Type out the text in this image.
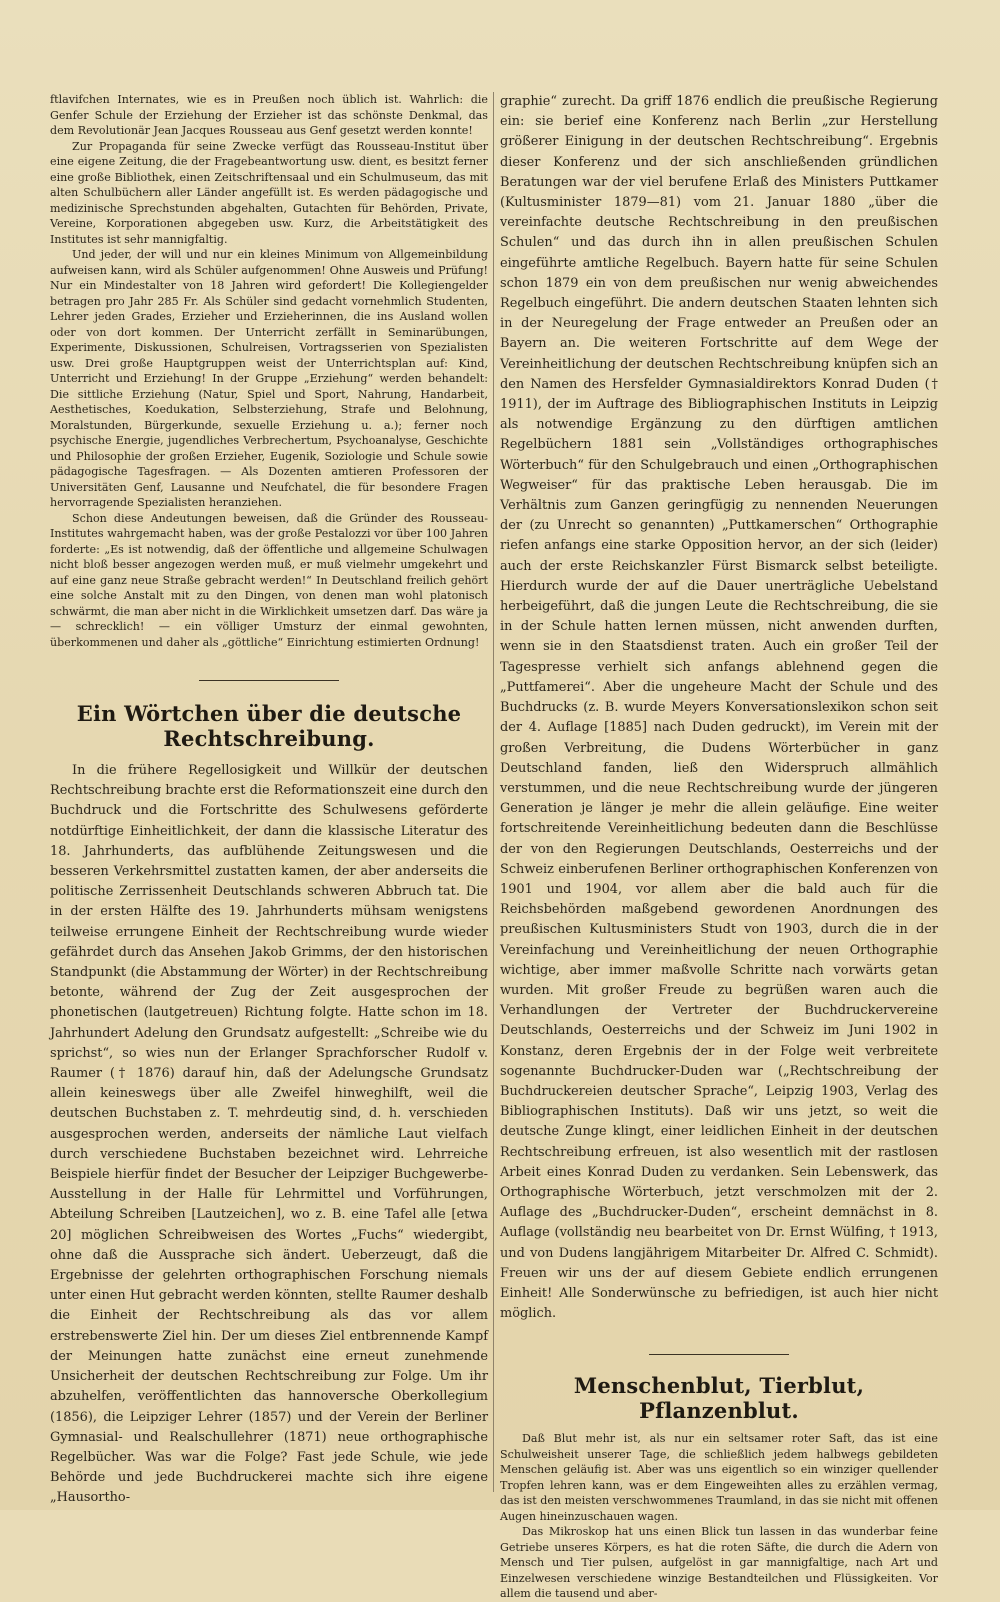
ftlavifchen Internates, wie es in Preußen noch üblich ist. Wahrlich: die Genfer Schule der Erziehung der Erzieher ist das schönste Denkmal, das dem Revolutionär Jean Jacques Rousseau aus Genf gesetzt werden konnte!

Zur Propaganda für seine Zwecke verfügt das Rousseau-Institut über eine eigene Zeitung, die der Fragebeantwortung usw. dient, es besitzt ferner eine große Bibliothek, einen Zeitschriftensaal und ein Schulmuseum, das mit alten Schulbüchern aller Länder angefüllt ist. Es werden pädagogische und medizinische Sprechstunden abgehalten, Gutachten für Behörden, Private, Vereine, Korporationen abgegeben usw. Kurz, die Arbeitstätigkeit des Institutes ist sehr mannigfaltig.

Und jeder, der will und nur ein kleines Minimum von Allgemeinbildung aufweisen kann, wird als Schüler aufgenommen! Ohne Ausweis und Prüfung! Nur ein Mindestalter von 18 Jahren wird gefordert! Die Kollegiengelder betragen pro Jahr 285 Fr. Als Schüler sind gedacht vornehmlich Studenten, Lehrer jeden Grades, Erzieher und Erzieherinnen, die ins Ausland wollen oder von dort kommen. Der Unterricht zerfällt in Seminarübungen, Experimente, Diskussionen, Schulreisen, Vortragsserien von Spezialisten usw. Drei große Hauptgruppen weist der Unterrichtsplan auf: Kind, Unterricht und Erziehung! In der Gruppe „Erziehung“ werden behandelt: Die sittliche Erziehung (Natur, Spiel und Sport, Nahrung, Handarbeit, Aesthetisches, Koedukation, Selbsterziehung, Strafe und Belohnung, Moralstunden, Bürgerkunde, sexuelle Erziehung u. a.); ferner noch psychische Energie, jugendliches Verbrechertum, Psychoanalyse, Geschichte und Philosophie der großen Erzieher, Eugenik, Soziologie und Schule sowie pädagogische Tagesfragen. — Als Dozenten amtieren Professoren der Universitäten Genf, Lausanne und Neufchatel, die für besondere Fragen hervorragende Spezialisten heranziehen.

Schon diese Andeutungen beweisen, daß die Gründer des Rousseau-Institutes wahrgemacht haben, was der große Pestalozzi vor über 100 Jahren forderte: „Es ist notwendig, daß der öffentliche und allgemeine Schulwagen nicht bloß besser angezogen werden muß, er muß vielmehr umgekehrt und auf eine ganz neue Straße gebracht werden!“ In Deutschland freilich gehört eine solche Anstalt mit zu den Dingen, von denen man wohl platonisch schwärmt, die man aber nicht in die Wirklichkeit umsetzen darf. Das wäre ja — schrecklich! — ein völliger Umsturz der einmal gewohnten, überkommenen und daher als „göttliche“ Einrichtung estimierten Ordnung!

Ein Wörtchen über die deutsche Rechtschreibung.

In die frühere Regellosigkeit und Willkür der deutschen Rechtschreibung brachte erst die Reformationszeit eine durch den Buchdruck und die Fortschritte des Schulwesens geförderte notdürftige Einheitlichkeit, der dann die klassische Literatur des 18. Jahrhunderts, das aufblühende Zeitungswesen und die besseren Verkehrsmittel zustatten kamen, der aber anderseits die politische Zerrissenheit Deutschlands schweren Abbruch tat. Die in der ersten Hälfte des 19. Jahrhunderts mühsam wenigstens teilweise errungene Einheit der Rechtschreibung wurde wieder gefährdet durch das Ansehen Jakob Grimms, der den historischen Standpunkt (die Abstammung der Wörter) in der Rechtschreibung betonte, während der Zug der Zeit ausgesprochen der phonetischen (lautgetreuen) Richtung folgte. Hatte schon im 18. Jahrhundert Adelung den Grundsatz aufgestellt: „Schreibe wie du sprichst“, so wies nun der Erlanger Sprachforscher Rudolf v. Raumer († 1876) darauf hin, daß der Adelungsche Grundsatz allein keineswegs über alle Zweifel hinweghilft, weil die deutschen Buchstaben z. T. mehrdeutig sind, d. h. verschieden ausgesprochen werden, anderseits der nämliche Laut vielfach durch verschiedene Buchstaben bezeichnet wird. Lehrreiche Beispiele hierfür findet der Besucher der Leipziger Buchgewerbe-Ausstellung in der Halle für Lehrmittel und Vorführungen, Abteilung Schreiben [Lautzeichen], wo z. B. eine Tafel alle [etwa 20] möglichen Schreibweisen des Wortes „Fuchs“ wiedergibt, ohne daß die Aussprache sich ändert. Ueberzeugt, daß die Ergebnisse der gelehrten orthographischen Forschung niemals unter einen Hut gebracht werden könnten, stellte Raumer deshalb die Einheit der Rechtschreibung als das vor allem erstrebenswerte Ziel hin. Der um dieses Ziel entbrennende Kampf der Meinungen hatte zunächst eine erneut zunehmende Unsicherheit der deutschen Rechtschreibung zur Folge. Um ihr abzuhelfen, veröffentlichten das hannoversche Oberkollegium (1856), die Leipziger Lehrer (1857) und der Verein der Berliner Gymnasial- und Realschullehrer (1871) neue orthographische Regelbücher. Was war die Folge? Fast jede Schule, wie jede Behörde und jede Buchdruckerei machte sich ihre eigene „Hausortho-

graphie“ zurecht. Da griff 1876 endlich die preußische Regierung ein: sie berief eine Konferenz nach Berlin „zur Herstellung größerer Einigung in der deutschen Rechtschreibung“. Ergebnis dieser Konferenz und der sich anschließenden gründlichen Beratungen war der viel berufene Erlaß des Ministers Puttkamer (Kultusminister 1879—81) vom 21. Januar 1880 „über die vereinfachte deutsche Rechtschreibung in den preußischen Schulen“ und das durch ihn in allen preußischen Schulen eingeführte amtliche Regelbuch. Bayern hatte für seine Schulen schon 1879 ein von dem preußischen nur wenig abweichendes Regelbuch eingeführt. Die andern deutschen Staaten lehnten sich in der Neuregelung der Frage entweder an Preußen oder an Bayern an. Die weiteren Fortschritte auf dem Wege der Vereinheitlichung der deutschen Rechtschreibung knüpfen sich an den Namen des Hersfelder Gymnasialdirektors Konrad Duden († 1911), der im Auftrage des Bibliographischen Instituts in Leipzig als notwendige Ergänzung zu den dürftigen amtlichen Regelbüchern 1881 sein „Vollständiges orthographisches Wörterbuch“ für den Schulgebrauch und einen „Orthographischen Wegweiser“ für das praktische Leben herausgab. Die im Verhältnis zum Ganzen geringfügig zu nennenden Neuerungen der (zu Unrecht so genannten) „Puttkamerschen“ Orthographie riefen anfangs eine starke Opposition hervor, an der sich (leider) auch der erste Reichskanzler Fürst Bismarck selbst beteiligte. Hierdurch wurde der auf die Dauer unerträgliche Uebelstand herbeigeführt, daß die jungen Leute die Rechtschreibung, die sie in der Schule hatten lernen müssen, nicht anwenden durften, wenn sie in den Staatsdienst traten. Auch ein großer Teil der Tagespresse verhielt sich anfangs ablehnend gegen die „Puttfamerei“. Aber die ungeheure Macht der Schule und des Buchdrucks (z. B. wurde Meyers Konversationslexikon schon seit der 4. Auflage [1885] nach Duden gedruckt), im Verein mit der großen Verbreitung, die Dudens Wörterbücher in ganz Deutschland fanden, ließ den Widerspruch allmählich verstummen, und die neue Rechtschreibung wurde der jüngeren Generation je länger je mehr die allein geläufige. Eine weiter fortschreitende Vereinheitlichung bedeuten dann die Beschlüsse der von den Regierungen Deutschlands, Oesterreichs und der Schweiz einberufenen Berliner orthographischen Konferenzen von 1901 und 1904, vor allem aber die bald auch für die Reichsbehörden maßgebend gewordenen Anordnungen des preußischen Kultusministers Studt von 1903, durch die in der Vereinfachung und Vereinheitlichung der neuen Orthographie wichtige, aber immer maßvolle Schritte nach vorwärts getan wurden. Mit großer Freude zu begrüßen waren auch die Verhandlungen der Vertreter der Buchdruckervereine Deutschlands, Oesterreichs und der Schweiz im Juni 1902 in Konstanz, deren Ergebnis der in der Folge weit verbreitete sogenannte Buchdrucker-Duden war („Rechtschreibung der Buchdruckereien deutscher Sprache“, Leipzig 1903, Verlag des Bibliographischen Instituts). Daß wir uns jetzt, so weit die deutsche Zunge klingt, einer leidlichen Einheit in der deutschen Rechtschreibung erfreuen, ist also wesentlich mit der rastlosen Arbeit eines Konrad Duden zu verdanken. Sein Lebenswerk, das Orthographische Wörterbuch, jetzt verschmolzen mit der 2. Auflage des „Buchdrucker-Duden“, erscheint demnächst in 8. Auflage (vollständig neu bearbeitet von Dr. Ernst Wülfing, † 1913, und von Dudens langjährigem Mitarbeiter Dr. Alfred C. Schmidt). Freuen wir uns der auf diesem Gebiete endlich errungenen Einheit! Alle Sonderwünsche zu befriedigen, ist auch hier nicht möglich.

Menschenblut, Tierblut, Pflanzenblut.

Daß Blut mehr ist, als nur ein seltsamer roter Saft, das ist eine Schulweisheit unserer Tage, die schließlich jedem halbwegs gebildeten Menschen geläufig ist. Aber was uns eigentlich so ein winziger quellender Tropfen lehren kann, was er dem Eingeweihten alles zu erzählen vermag, das ist den meisten verschwommenes Traumland, in das sie nicht mit offenen Augen hineinzuschauen wagen.

Das Mikroskop hat uns einen Blick tun lassen in das wunderbar feine Getriebe unseres Körpers, es hat die roten Säfte, die durch die Adern von Mensch und Tier pulsen, aufgelöst in gar mannigfaltige, nach Art und Einzelwesen verschiedene winzige Bestandteilchen und Flüssigkeiten. Vor allem die tausend und aber-
